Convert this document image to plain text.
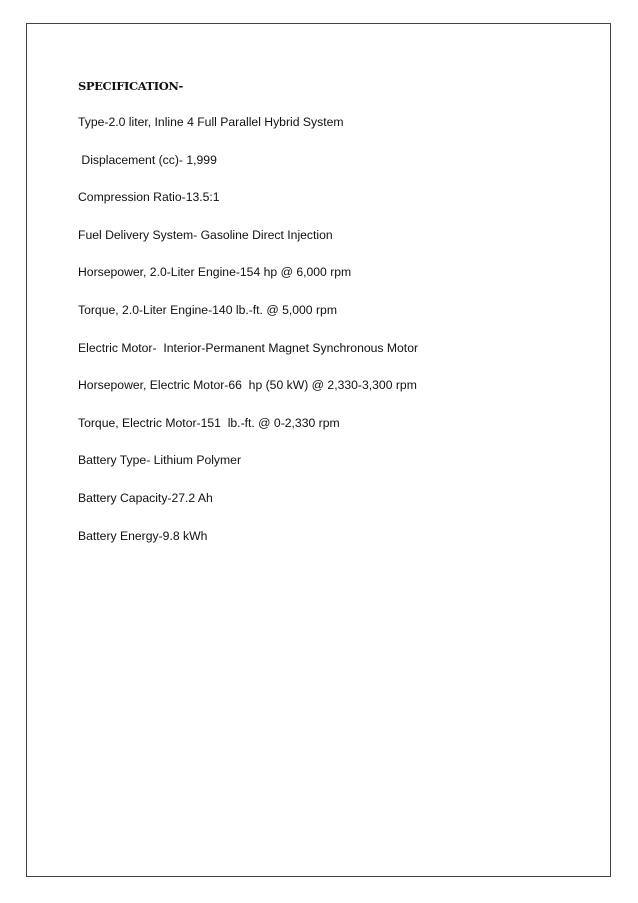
SPECIFICATION-
Type-2.0 liter, Inline 4 Full Parallel Hybrid System
Displacement (cc)- 1,999
Compression Ratio-13.5:1
Fuel Delivery System- Gasoline Direct Injection
Horsepower, 2.0-Liter Engine-154 hp @ 6,000 rpm
Torque, 2.0-Liter Engine-140 lb.-ft. @ 5,000 rpm
Electric Motor-  Interior-Permanent Magnet Synchronous Motor
Horsepower, Electric Motor-66  hp (50 kW) @ 2,330-3,300 rpm
Torque, Electric Motor-151  lb.-ft. @ 0-2,330 rpm
Battery Type- Lithium Polymer
Battery Capacity-27.2 Ah
Battery Energy-9.8 kWh
